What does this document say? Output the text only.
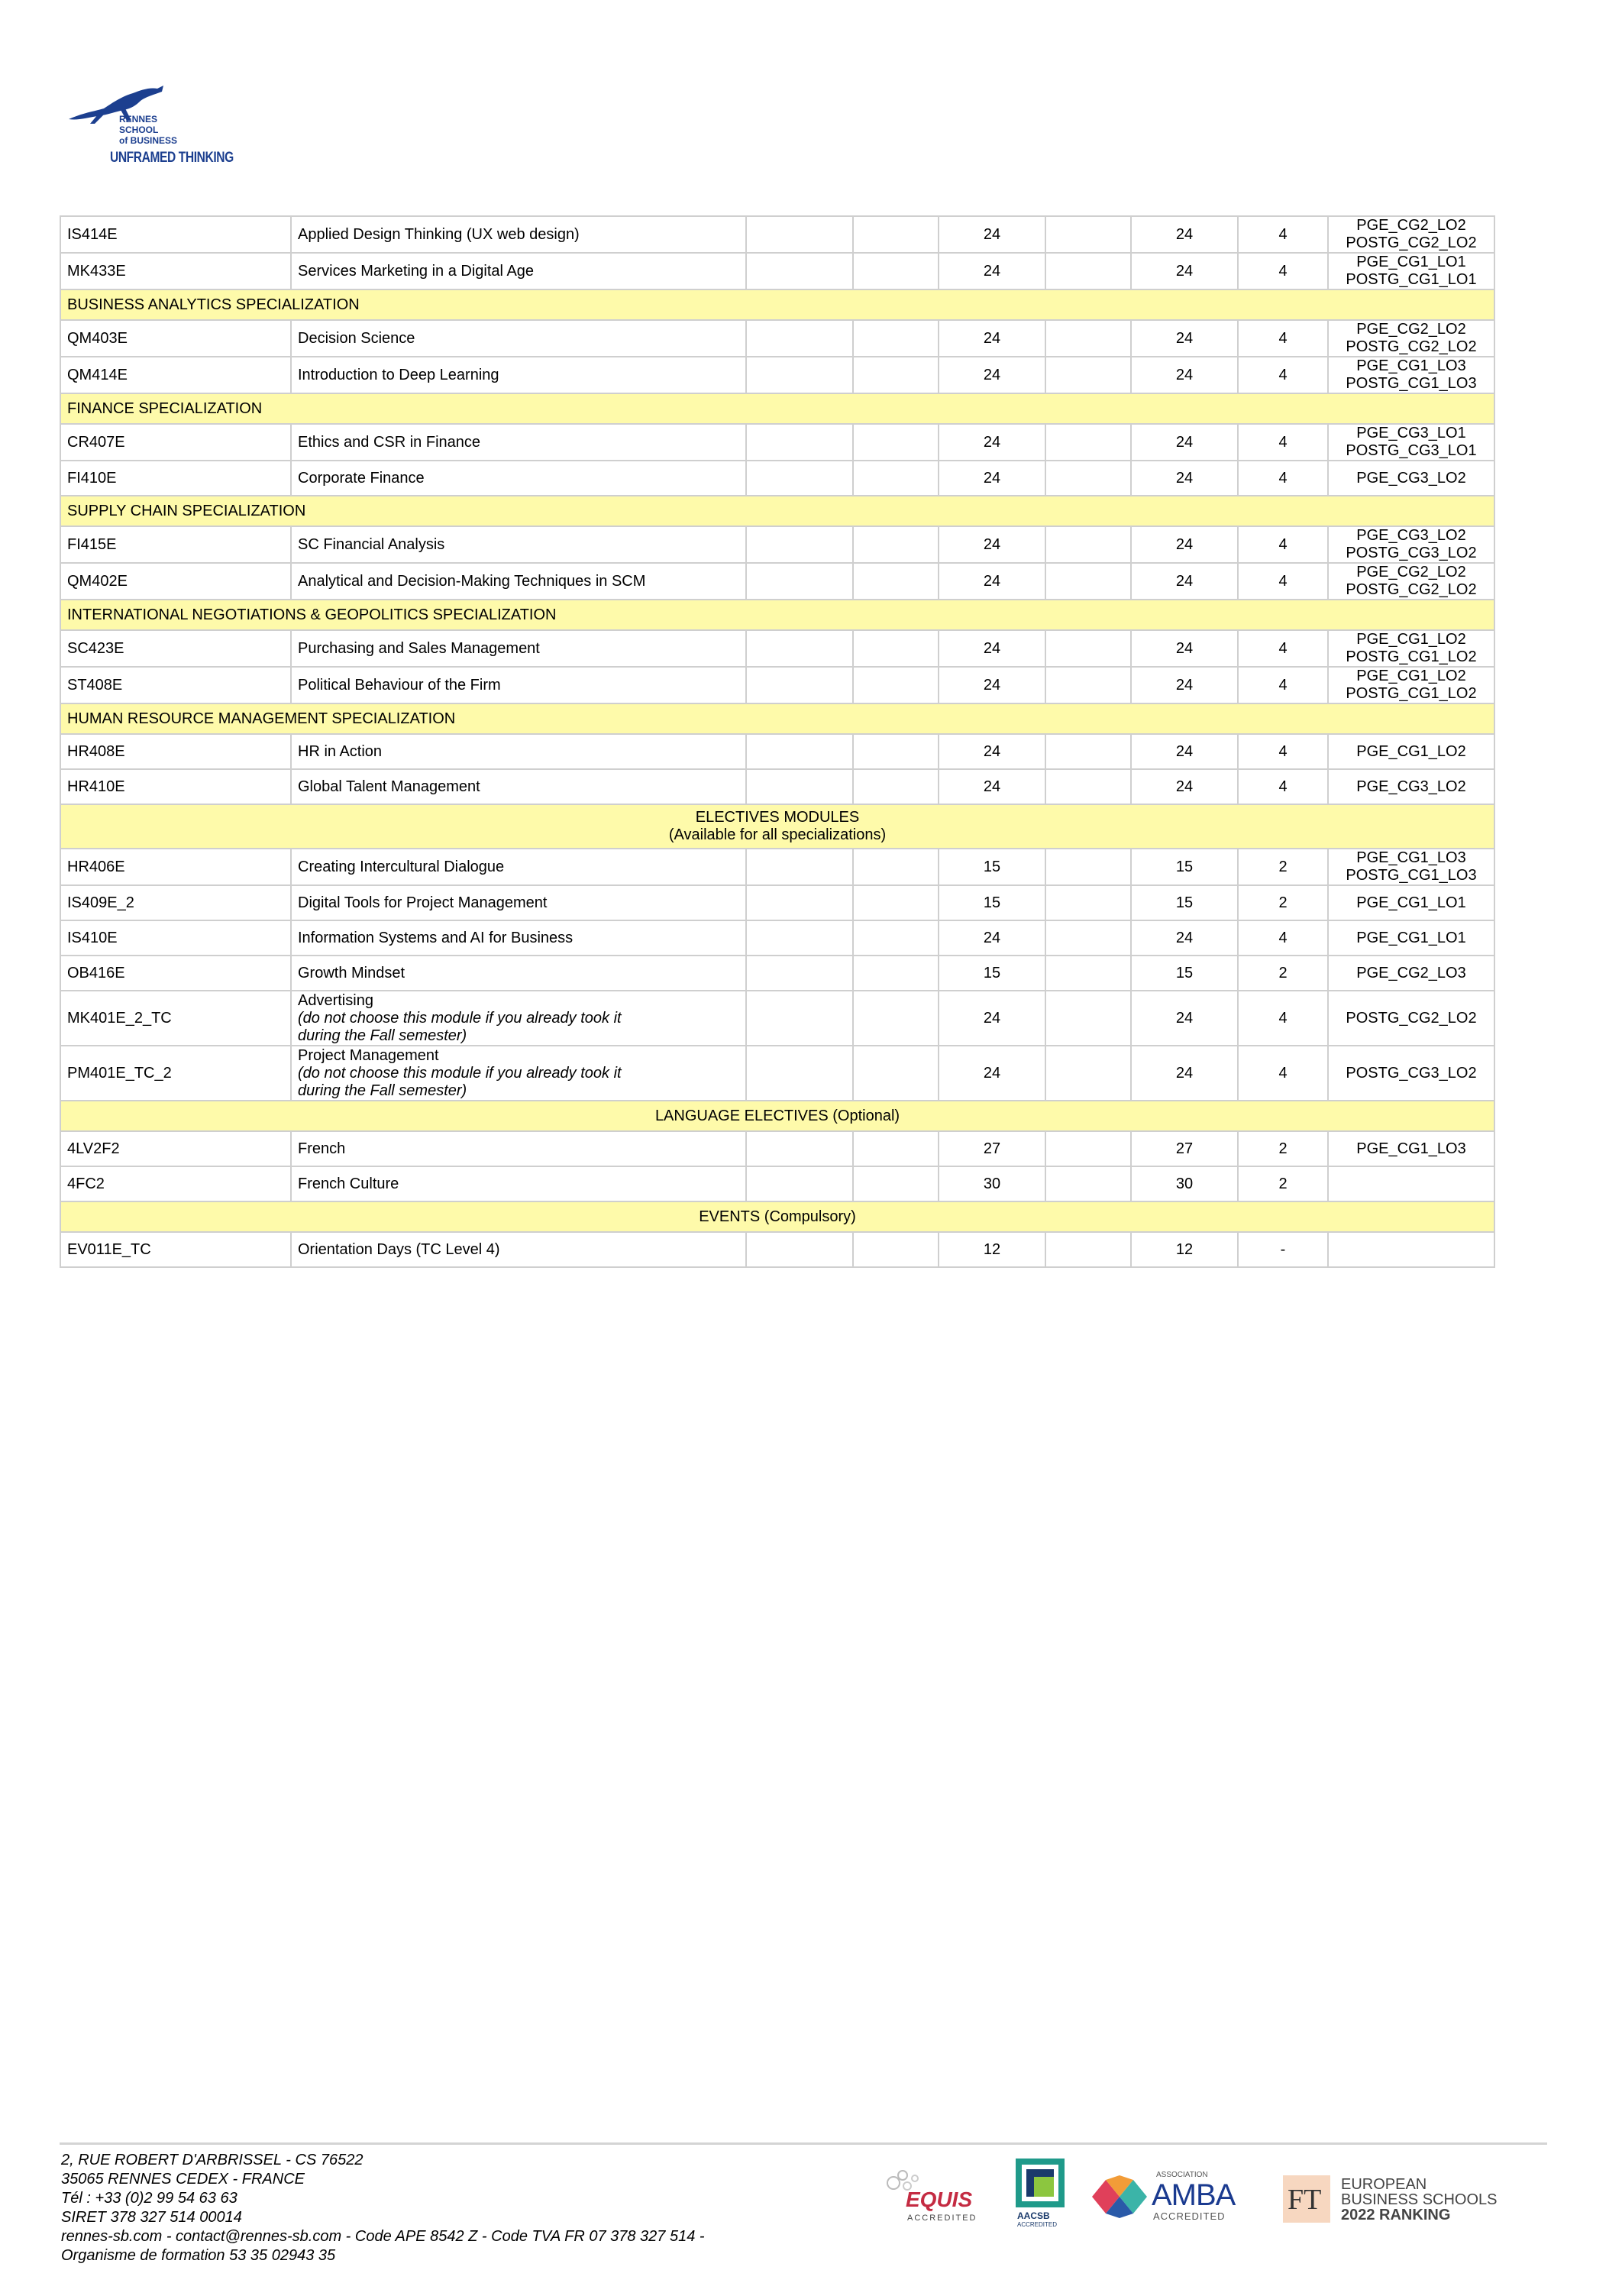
RENNES
SCHOOL
of BUSINESS
UNFRAMED THINKING
IS414E	Applied Design Thinking (UX web design)			24		24	4	PGE_CG2_LO2
POSTG_CG2_LO2

MK433E	Services Marketing in a Digital Age			24		24	4	PGE_CG1_LO1
POSTG_CG1_LO1

BUSINESS ANALYTICS SPECIALIZATION								
QM403E	Decision Science			24		24	4	PGE_CG2_LO2
POSTG_CG2_LO2

QM414E	Introduction to Deep Learning			24		24	4	PGE_CG1_LO3
POSTG_CG1_LO3

FINANCE SPECIALIZATION								
CR407E	Ethics and CSR in Finance			24		24	4	PGE_CG3_LO1
POSTG_CG3_LO1

FI410E	Corporate Finance			24		24	4	PGE_CG3_LO2

SUPPLY CHAIN SPECIALIZATION								
FI415E	SC Financial Analysis			24		24	4	PGE_CG3_LO2
POSTG_CG3_LO2

QM402E	Analytical and Decision-Making Techniques in SCM			24		24	4	PGE_CG2_LO2
POSTG_CG2_LO2

INTERNATIONAL NEGOTIATIONS & GEOPOLITICS SPECIALIZATION								
SC423E	Purchasing and Sales Management			24		24	4	PGE_CG1_LO2
POSTG_CG1_LO2

ST408E	Political Behaviour of the Firm			24		24	4	PGE_CG1_LO2
POSTG_CG1_LO2

HUMAN RESOURCE MANAGEMENT SPECIALIZATION								
HR408E	HR in Action			24		24	4	PGE_CG1_LO2

HR410E	Global Talent Management			24		24	4	PGE_CG3_LO2

ELECTIVES MODULES
(Available for all specializations)								

HR406E	Creating Intercultural Dialogue			15		15	2	PGE_CG1_LO3
POSTG_CG1_LO3

IS409E_2	Digital Tools for Project Management			15		15	2	PGE_CG1_LO1

IS410E	Information Systems and AI for Business			24		24	4	PGE_CG1_LO1

OB416E	Growth Mindset			15		15	2	PGE_CG2_LO3

MK401E_2_TC	Advertising
(do not choose this module if you already took it
during the Fall semester)			24		24	4	POSTG_CG2_LO2

PM401E_TC_2	Project Management
(do not choose this module if you already took it
during the Fall semester)			24		24	4	POSTG_CG3_LO2

LANGUAGE ELECTIVES (Optional)								
4LV2F2	French			27		27	2	PGE_CG1_LO3

4FC2	French Culture			30		30	2	
EVENTS (Compulsory)								
EV011E_TC	Orientation Days (TC Level 4)			12		12	-	
2, RUE ROBERT D'ARBRISSEL - CS 76522
35065 RENNES CEDEX - FRANCE
Tél : +33 (0)2 99 54 63 63
SIRET 378 327 514 00014
rennes-sb.com - contact@rennes-sb.com - Code APE 8542 Z - Code TVA FR 07 378 327 514 -
Organisme de formation 53 35 02943 35
EQUIS
ACCREDITED	AACSB
ACCREDITED
ASSOCIATION
AMBA
ACCREDITED
FT EUROPEAN
BUSINESS SCHOOLS
2022 RANKING
